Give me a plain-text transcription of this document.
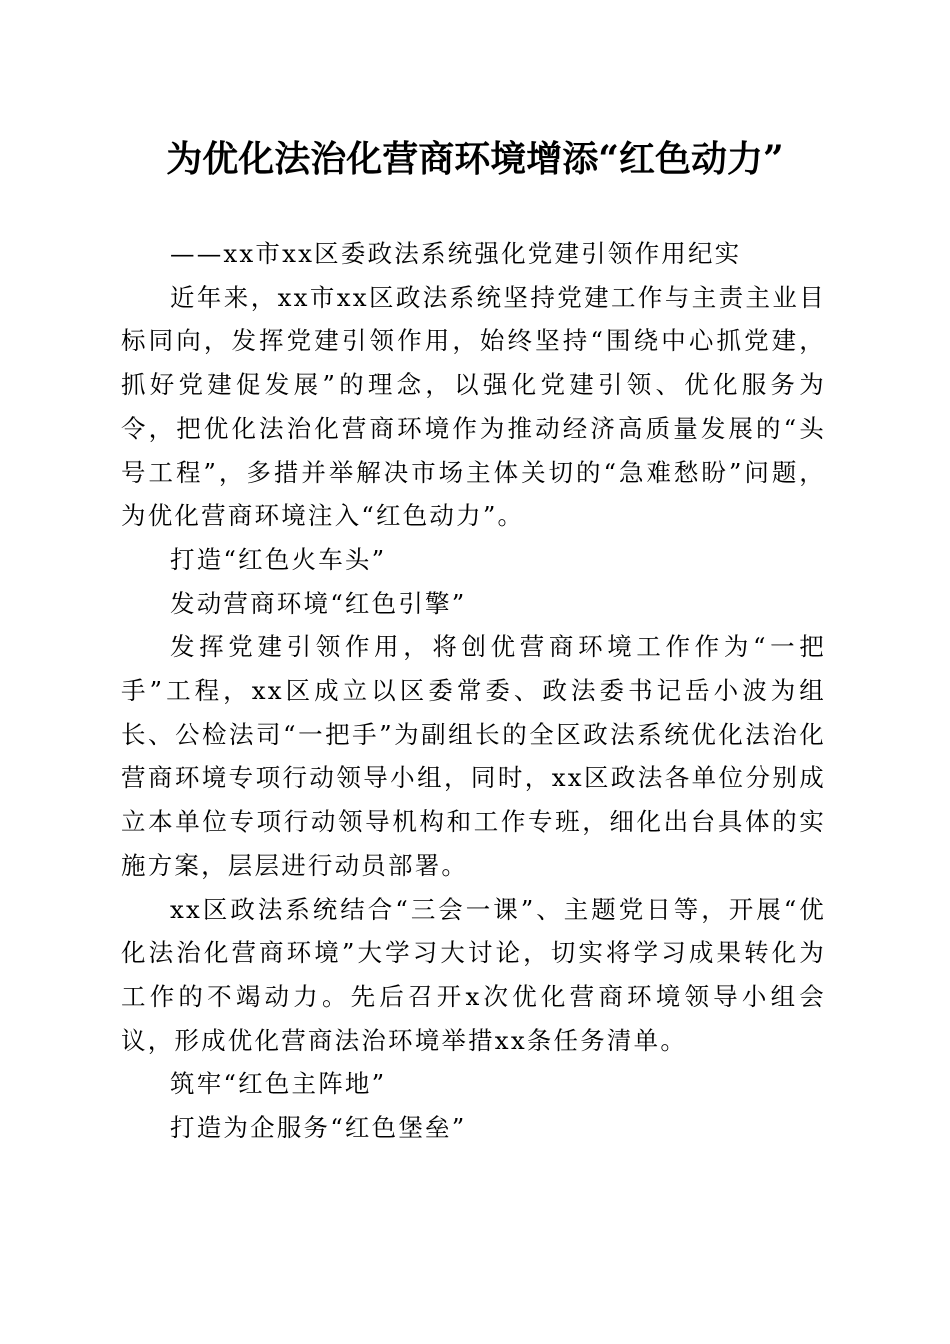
为优化法治化营商环境增添“红色动力”

——xx市xx区委政法系统强化党建引领作用纪实

近年来，xx市xx区政法系统坚持党建工作与主责主业目标同向，发挥党建引领作用，始终坚持“围绕中心抓党建，抓好党建促发展”的理念，以强化党建引领、优化服务为令，把优化法治化营商环境作为推动经济高质量发展的“头号工程”，多措并举解决市场主体关切的“急难愁盼”问题，为优化营商环境注入“红色动力”。

打造“红色火车头”

发动营商环境“红色引擎”

发挥党建引领作用，将创优营商环境工作作为“一把手”工程，xx区成立以区委常委、政法委书记岳小波为组长、公检法司“一把手”为副组长的全区政法系统优化法治化营商环境专项行动领导小组，同时，xx区政法各单位分别成立本单位专项行动领导机构和工作专班，细化出台具体的实施方案，层层进行动员部署。

xx区政法系统结合“三会一课”、主题党日等，开展“优化法治化营商环境”大学习大讨论，切实将学习成果转化为工作的不竭动力。先后召开x次优化营商环境领导小组会议，形成优化营商法治环境举措xx条任务清单。

筑牢“红色主阵地”

打造为企服务“红色堡垒”
